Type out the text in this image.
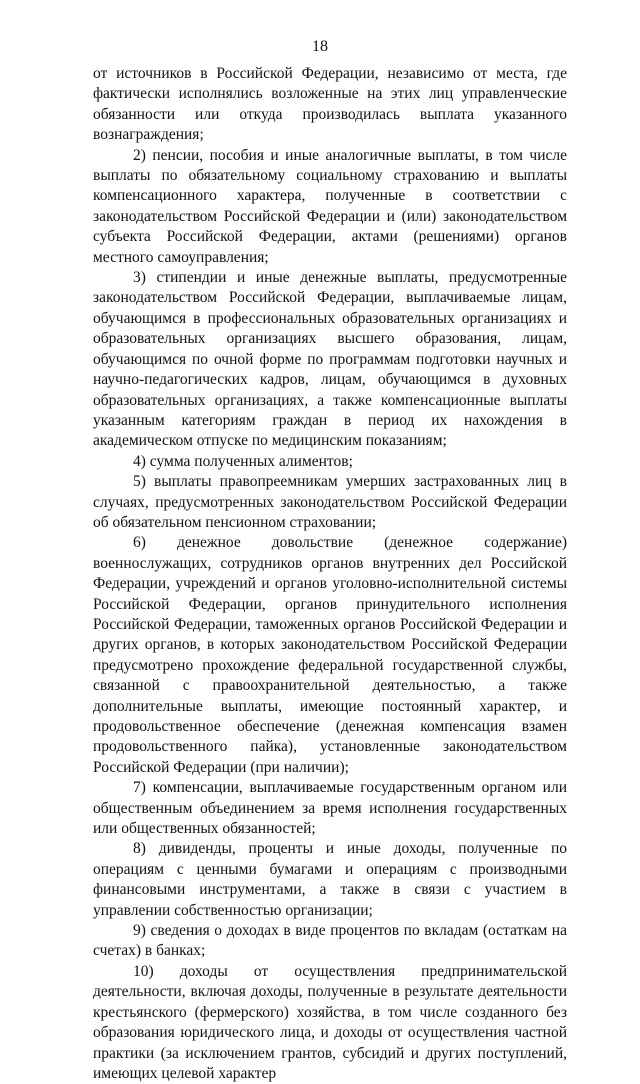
18

от источников в Российской Федерации, независимо от места, где фактически исполнялись возложенные на этих лиц управленческие обязанности или откуда производилась выплата указанного вознаграждения;

2) пенсии, пособия и иные аналогичные выплаты, в том числе выплаты по обязательному социальному страхованию и выплаты компенсационного характера, полученные в соответствии с законодательством Российской Федерации и (или) законодательством субъекта Российской Федерации, актами (решениями) органов местного самоуправления;

3) стипендии и иные денежные выплаты, предусмотренные законодательством Российской Федерации, выплачиваемые лицам, обучающимся в профессиональных образовательных организациях и образовательных организациях высшего образования, лицам, обучающимся по очной форме по программам подготовки научных и научно-педагогических кадров, лицам, обучающимся в духовных образовательных организациях, а также компенсационные выплаты указанным категориям граждан в период их нахождения в академическом отпуске по медицинским показаниям;

4) сумма полученных алиментов;

5) выплаты правопреемникам умерших застрахованных лиц в случаях, предусмотренных законодательством Российской Федерации об обязательном пенсионном страховании;

6) денежное довольствие (денежное содержание) военнослужащих, сотрудников органов внутренних дел Российской Федерации, учреждений и органов уголовно-исполнительной системы Российской Федерации, органов принудительного исполнения Российской Федерации, таможенных органов Российской Федерации и других органов, в которых законодательством Российской Федерации предусмотрено прохождение федеральной государственной службы, связанной с правоохранительной деятельностью, а также дополнительные выплаты, имеющие постоянный характер, и продовольственное обеспечение (денежная компенсация взамен продовольственного пайка), установленные законодательством Российской Федерации (при наличии);

7) компенсации, выплачиваемые государственным органом или общественным объединением за время исполнения государственных или общественных обязанностей;

8) дивиденды, проценты и иные доходы, полученные по операциям с ценными бумагами и операциям с производными финансовыми инструментами, а также в связи с участием в управлении собственностью организации;

9) сведения о доходах в виде процентов по вкладам (остаткам на счетах) в банках;

10) доходы от осуществления предпринимательской деятельности, включая доходы, полученные в результате деятельности крестьянского (фермерского) хозяйства, в том числе созданного без образования юридического лица, и доходы от осуществления частной практики (за исключением грантов, субсидий и других поступлений, имеющих целевой характер
